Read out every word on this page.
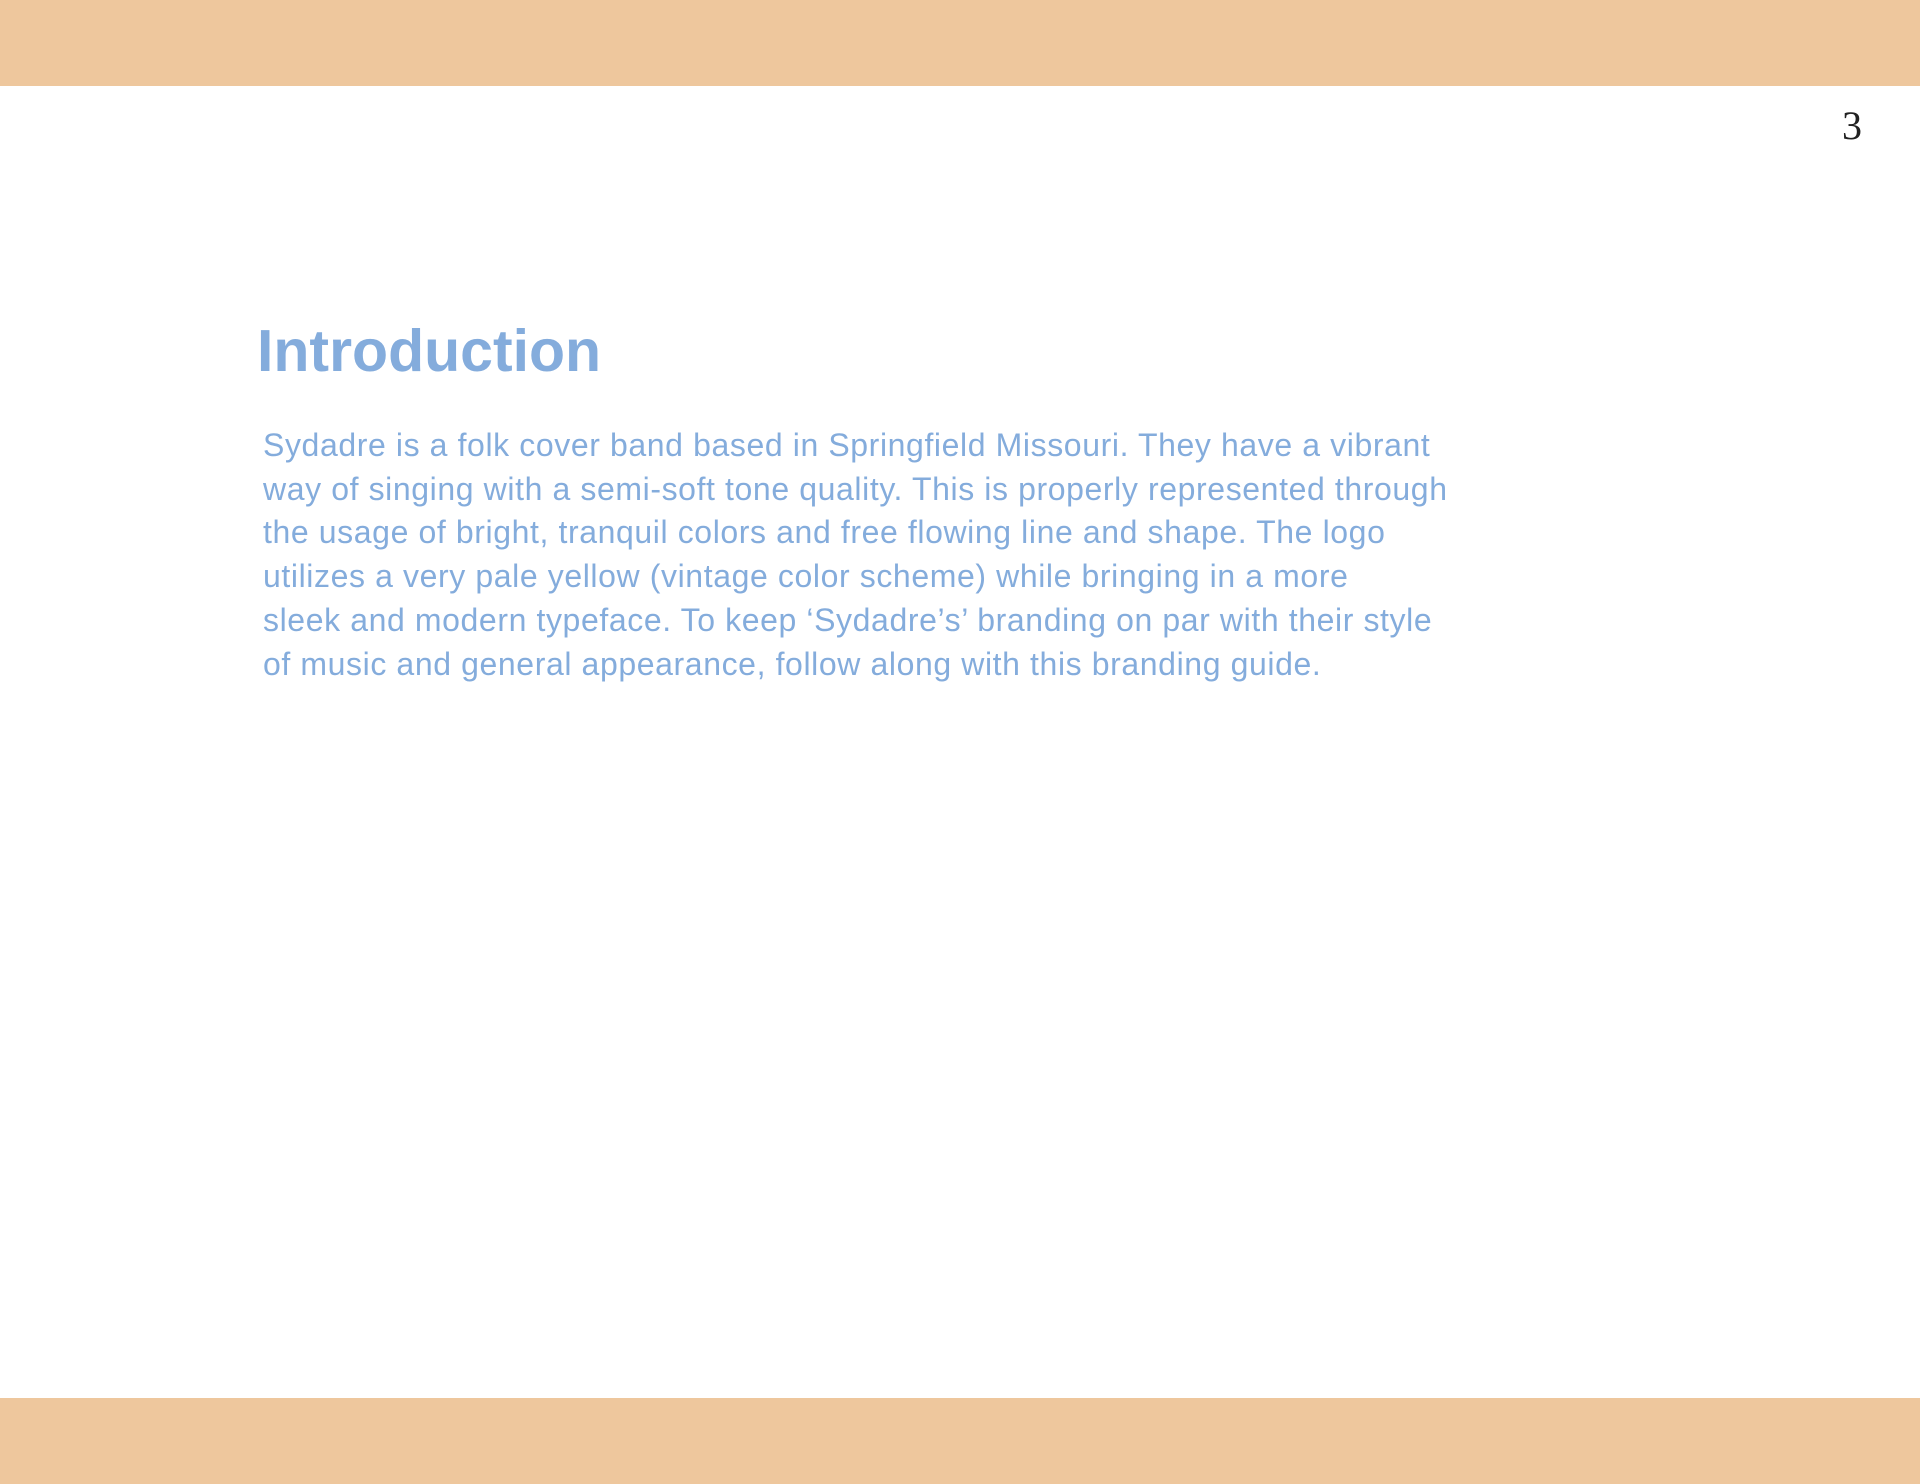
3
Introduction

Sydadre is a folk cover band based in Springfield Missouri. They have a vibrant
way of singing with a semi-soft tone quality. This is properly represented through
the usage of bright, tranquil colors and free flowing line and shape. The logo
utilizes a very pale yellow (vintage color scheme) while bringing in a more
sleek and modern typeface. To keep ‘Sydadre’s’ branding on par with their style
of music and general appearance, follow along with this branding guide.
